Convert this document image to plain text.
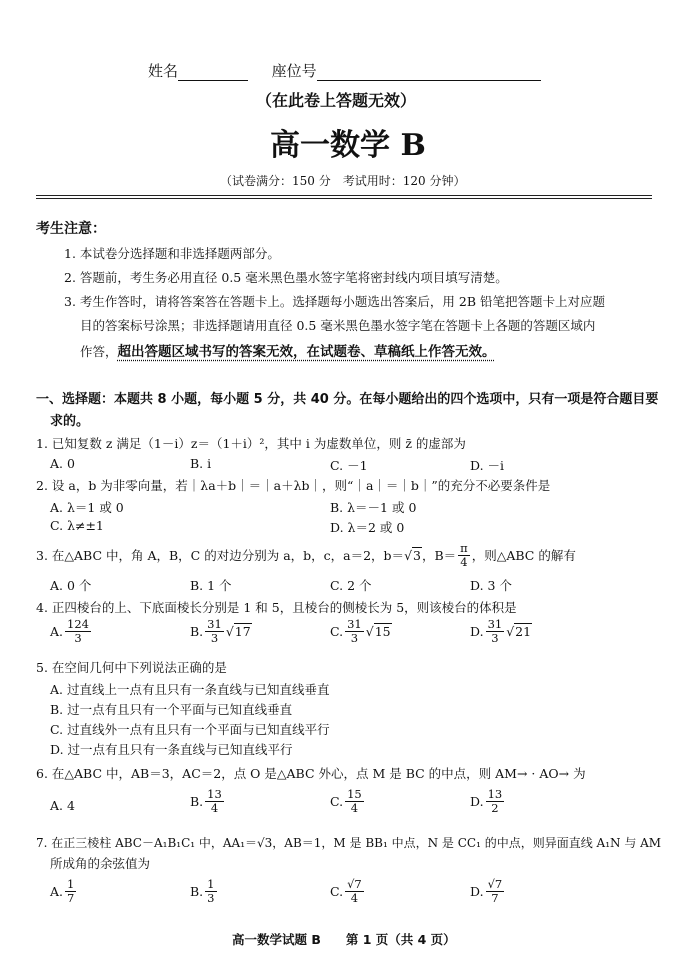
姓名	座位号
（在此卷上答题无效）
高一数学 B
（试卷满分：150 分　考试用时：120 分钟）
考生注意：
1. 本试卷分选择题和非选择题两部分。
2. 答题前，考生务必用直径 0.5 毫米黑色墨水签字笔将密封线内项目填写清楚。
3. 考生作答时，请将答案答在答题卡上。选择题每小题选出答案后，用 2B 铅笔把答题卡上对应题
目的答案标号涂黑；非选择题请用直径 0.5 毫米黑色墨水签字笔在答题卡上各题的答题区域内
作答，超出答题区域书写的答案无效，在试题卷、草稿纸上作答无效。
一、选择题：本题共 8 小题，每小题 5 分，共 40 分。在每小题给出的四个选项中，只有一项是符合题目要
求的。
1. 已知复数 z 满足（1－i）z＝（1＋i）²，其中 i 为虚数单位，则 z̄ 的虚部为
A. 0	B. i	C. －1	D. －i
2. 设 a，b 为非零向量，若｜λa＋b｜＝｜a＋λb｜，则“｜a｜＝｜b｜”的充分不必要条件是
A. λ＝1 或 0	B. λ＝－1 或 0
C. λ≠±1	D. λ＝2 或 0
3. 在△ABC 中，角 A，B，C 的对边分别为 a，b，c，a＝2，b＝ √3 ，$B= \frac{\pi}{4}$ ，则△ABC 的解有
A. 0 个	B. 1 个	C. 2 个	D. 3 个
4. 正四棱台的上、下底面棱长分别是 1 和 5，且棱台的侧棱长为 5，则该棱台的体积是
A. $\frac{124}{3}$	B. $\frac{31}{3} √17$	C. $\frac{31}{3} √15$	D. $\frac{31}{3} √21$
5. 在空间几何中下列说法正确的是
A. 过直线上一点有且只有一条直线与已知直线垂直
B. 过一点有且只有一个平面与已知直线垂直
C. 过直线外一点有且只有一个平面与已知直线平行
D. 过一点有且只有一条直线与已知直线平行
6. 在△ABC 中，AB＝3，AC＝2，点 O 是△ABC 外心，点 M 是 BC 的中点，则 AM→ · AO→ 为
A. 4	B. $\frac{13}{4}$	C. $\frac{15}{4}$	D. $\frac{13}{2}$
7. 在正三棱柱 ABC－A₁B₁C₁ 中，AA₁＝√3，AB＝1，M 是 BB₁ 中点，N 是 CC₁ 的中点，则异面直线 A₁N 与 AM
所成角的余弦值为
A. $\frac{1}{7}$	B. $\frac{1}{3}$	C. $\frac{√7}{4}$	D. $\frac{√7}{7}$
高一数学试题 B　　第 1 页（共 4 页）
